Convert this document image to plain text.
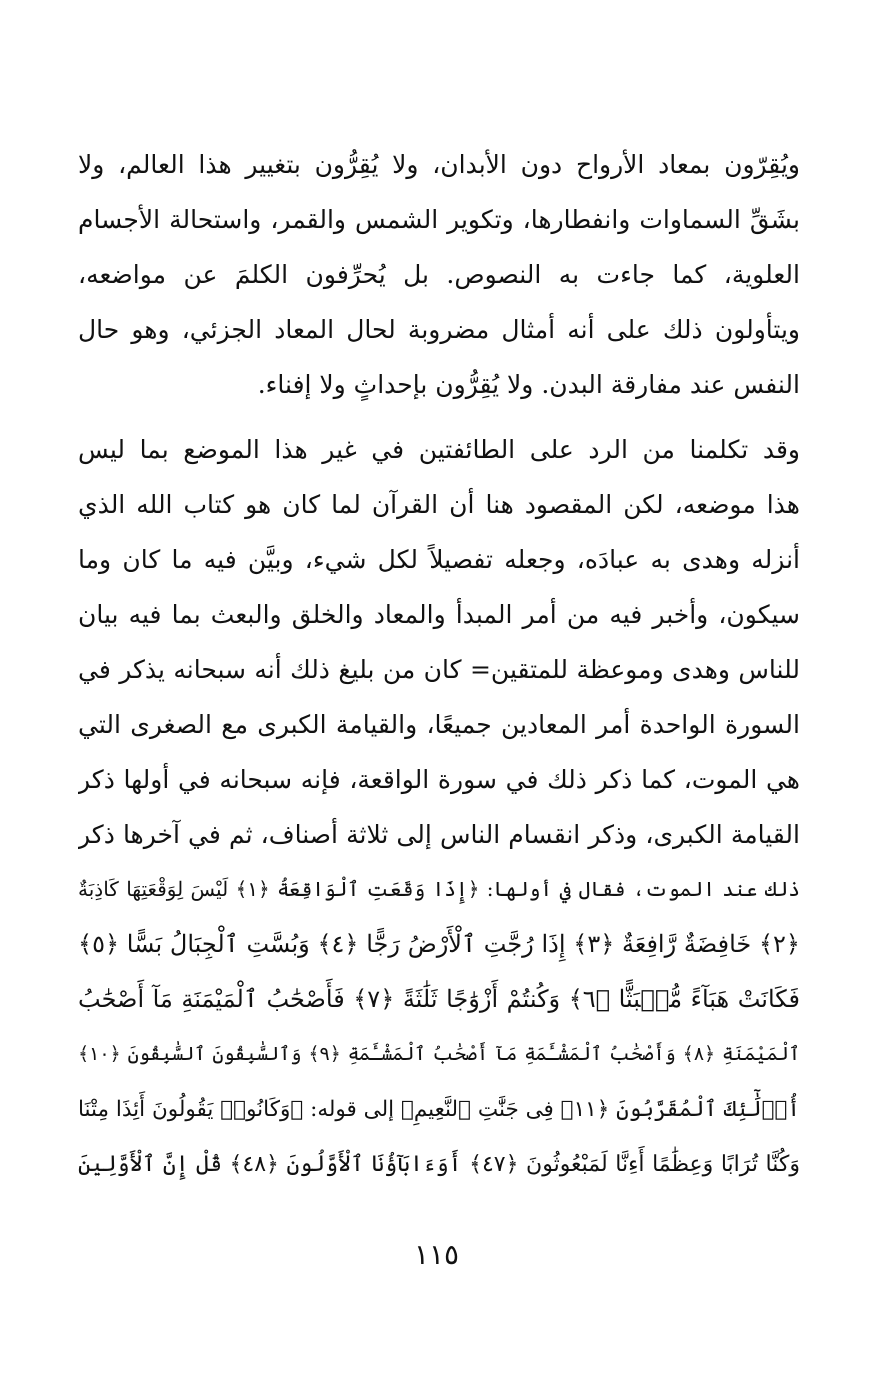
ويُقِرّون بمعاد الأرواح دون الأبدان، ولا يُقِرُّون بتغيير هذا العالم، ولا
بشَقِّ السماوات وانفطارها، وتكوير الشمس والقمر، واستحالة الأجسام
العلوية، كما جاءت به النصوص. بل يُحرِّفون الكلمَ عن مواضعه،
ويتأولون ذلك على أنه أمثال مضروبة لحال المعاد الجزئي، وهو حال
النفس عند مفارقة البدن. ولا يُقِرُّون بإحداثٍ ولا إفناء.
وقد تكلمنا من الرد على الطائفتين في غير هذا الموضع بما ليس
هذا موضعه، لكن المقصود هنا أن القرآن لما كان هو كتاب الله الذي
أنزله وهدى به عبادَه، وجعله تفصيلاً لكل شيء، وبيَّن فيه ما كان وما
سيكون، وأخبر فيه من أمر المبدأ والمعاد والخلق والبعث بما فيه بيان
للناس وهدى وموعظة للمتقين= كان من بليغ ذلك أنه سبحانه يذكر في
السورة الواحدة أمر المعادين جميعًا، والقيامة الكبرى مع الصغرى التي
هي الموت، كما ذكر ذلك في سورة الواقعة، فإنه سبحانه في أولها ذكر
القيامة الكبرى، وذكر انقسام الناس إلى ثلاثة أصناف، ثم في آخرها ذكر
ذلك عند الموت، فقال في أولها: ﴿إِذَا وَقَعَتِ ٱلْوَاقِعَةُ ﴿١﴾ لَيْسَ لِوَقْعَتِهَا كَاذِبَةٌ
﴿٢﴾ خَافِضَةٌ رَّافِعَةٌ ﴿٣﴾ إِذَا رُجَّتِ ٱلْأَرْضُ رَجًّا ﴿٤﴾ وَبُسَّتِ ٱلْجِبَالُ بَسًّا ﴿٥﴾
فَكَانَتْ هَبَآءً مُّنۢبَثًّا ﴿٦﴾ وَكُنتُمْ أَزْوَٰجًا ثَلَٰثَةً ﴿٧﴾ فَأَصْحَٰبُ ٱلْمَيْمَنَةِ مَآ أَصْحَٰبُ
ٱلْمَيْمَنَةِ ﴿٨﴾ وَأَصْحَٰبُ ٱلْمَشْـَٔمَةِ مَآ أَصْحَٰبُ ٱلْمَشْـَٔمَةِ ﴿٩﴾ وَٱلسَّٰبِقُونَ ٱلسَّٰبِقُونَ ﴿١٠﴾
أُو۟لَٰٓئِكَ ٱلْمُقَرَّبُونَ ﴿١١﴾ فِى جَنَّٰتِ ٱلنَّعِيمِ﴾ إلى قوله: ﴿وَكَانُوا۟ يَقُولُونَ أَئِذَا مِتْنَا
وَكُنَّا تُرَابًا وَعِظَٰمًا أَءِنَّا لَمَبْعُوثُونَ ﴿٤٧﴾ أَوَءَابَآؤُنَا ٱلْأَوَّلُونَ ﴿٤٨﴾ قُلْ إِنَّ ٱلْأَوَّلِينَ
١١٥
